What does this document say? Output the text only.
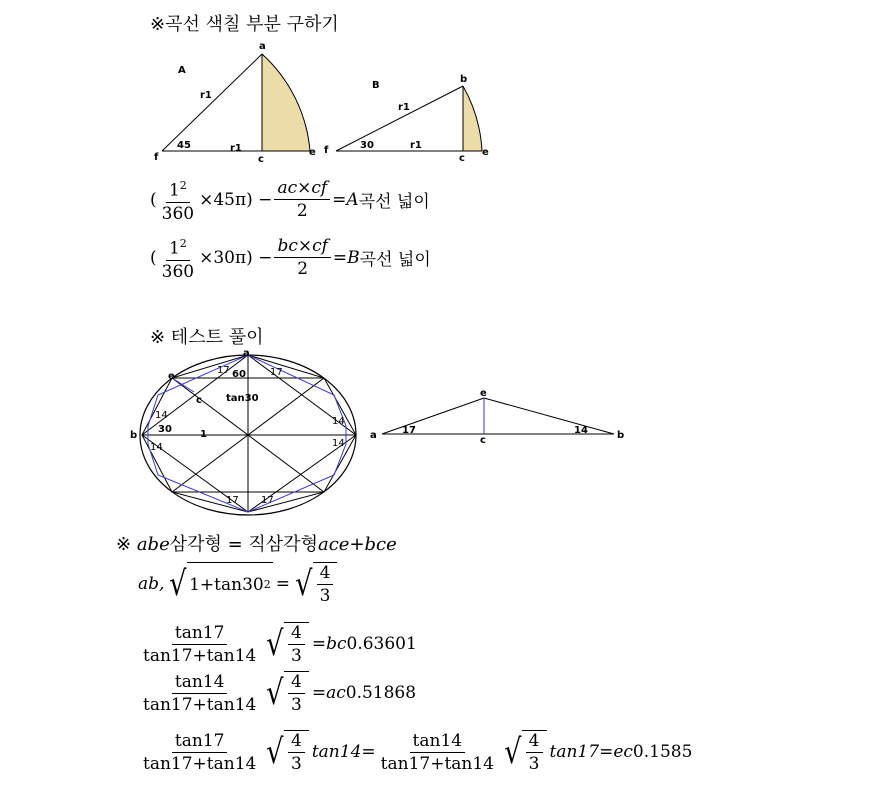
※곡선 색칠 부분 구하기
A
a
r1
r1
45
f	c
e
B
b
r1
r1
30
f
c
e
( $\frac{1^2}{360} \times 45\pi) - \frac{ac\times cf}{2} = A$ 곡선 넓이
( $\frac{1^2}{360} \times 30\pi) - \frac{bc\times cf}{2} = B$ 곡선 넓이
※ 테스트 풀이
a
e
c
b
60
17	17
tan30
14
30	1
14
14	14
17 17
a
e
c	b
17	14
※ abe삼각형 = 직삼각형ace+bce
ab, √ 1+tan30 2 = √ $\frac{4}{3}$
$\frac{\tan 17}{\tan 17+\tan 14}$ √ $\frac{4}{3}$ = bc 0.63601
$\frac{\tan 14}{\tan 17+\tan 14}$ √ $\frac{4}{3}$ = ac 0.51868
$\frac{\tan 17}{\tan 17+\tan 14}$ √ $\frac{4}{3} \tan 14 = \frac{\tan 14}{\tan 17+\tan 14}$ √ $\frac{4}{3} \tan 17$ = ec 0.1585
